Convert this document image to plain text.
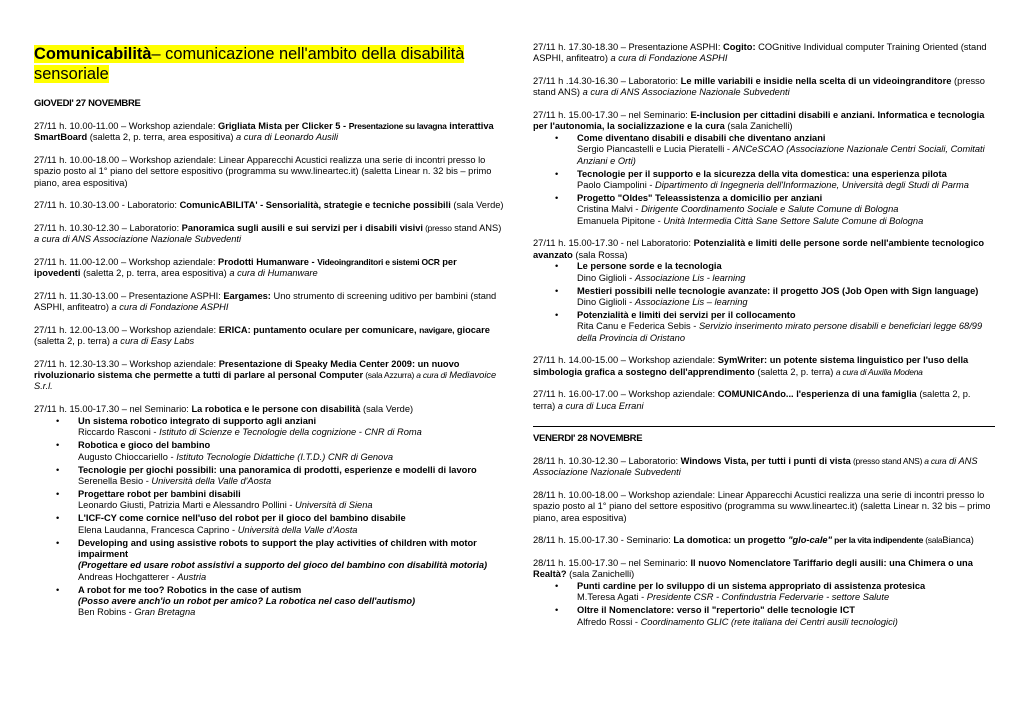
Comunicabilità– comunicazione nell'ambito della disabilità sensoriale

GIOVEDI' 27 NOVEMBRE

27/11 h. 10.00-11.00 – Workshop aziendale: Grigliata Mista per Clicker 5 - Presentazione su lavagna interattiva SmartBoard (saletta 2, p. terra, area espositiva) a cura di Leonardo Ausili

27/11 h. 10.00-18.00 – Workshop aziendale: Linear Apparecchi Acustici realizza una serie di incontri presso lo spazio posto al 1° piano del settore espositivo (programma su www.lineartec.it) (saletta Linear n. 32 bis – primo piano, area espositiva)

27/11 h. 10.30-13.00 - Laboratorio: ComunicABILITA' - Sensorialità, strategie e tecniche possibili (sala Verde)

27/11 h. 10.30-12.30 – Laboratorio: Panoramica sugli ausili e sui servizi per i disabili visivi (presso stand ANS) a cura di ANS Associazione Nazionale Subvedenti

27/11 h. 11.00-12.00 – Workshop aziendale: Prodotti Humanware - Videoingranditori e sistemi OCR per ipovedenti (saletta 2, p. terra, area espositiva) a cura di Humanware

27/11 h. 11.30-13.00 – Presentazione ASPHI: Eargames: Uno strumento di screening uditivo per bambini (stand ASPHI, anfiteatro) a cura di Fondazione ASPHI

27/11 h. 12.00-13.00 – Workshop aziendale: ERICA: puntamento oculare per comunicare, navigare, giocare (saletta 2, p. terra) a cura di Easy Labs

27/11 h. 12.30-13.30 – Workshop aziendale: Presentazione di Speaky Media Center 2009: un nuovo rivoluzionario sistema che permette a tutti di parlare al personal Computer (sala Azzurra) a cura di Mediavoice S.r.l.

27/11 h. 15.00-17.30 – nel Seminario: La robotica e le persone con disabilità (sala Verde)

• Un sistema robotico integrato di supporto agli anziani
Riccardo Rasconi - Istituto di Scienze e Tecnologie della cognizione - CNR di Roma
• Robotica e gioco del bambino
Augusto Chioccariello - Istituto Tecnologie Didattiche (I.T.D.) CNR di Genova
• Tecnologie per giochi possibili: una panoramica di prodotti, esperienze e modelli di lavoro
Serenella Besio - Università della Valle d'Aosta
• Progettare robot per bambini disabili
Leonardo Giusti, Patrizia Marti e Alessandro Pollini - Università di Siena
• L'ICF-CY come cornice nell'uso del robot per il gioco del bambino disabile
Elena Laudanna, Francesca Caprino - Università della Valle d'Aosta
• Developing and using assistive robots to support the play activities of children with motor impairment
(Progettare ed usare robot assistivi a supporto del gioco del bambino con disabilità motoria)
Andreas Hochgatterer - Austria
• A robot for me too? Robotics in the case of autism
(Posso avere anch'io un robot per amico? La robotica nel caso dell'autismo)
Ben Robins - Gran Bretagna

27/11 h. 17.30-18.30 – Presentazione ASPHI: Cogito: COGnitive Individual computer Training Oriented (stand ASPHI, anfiteatro) a cura di Fondazione ASPHI

27/11 h .14.30-16.30 – Laboratorio: Le mille variabili e insidie nella scelta di un videoingranditore (presso stand ANS) a cura di ANS Associazione Nazionale Subvedenti

27/11 h. 15.00-17.30 – nel Seminario: E-inclusion per cittadini disabili e anziani. Informatica e tecnologia per l'autonomia, la socializzazione e la cura (sala Zanichelli)

• Come diventano disabili e disabili che diventano anziani
Sergio Piancastelli e Lucia Pieratelli - ANCeSCAO (Associazione Nazionale Centri Sociali, Comitati Anziani e Orti)
• Tecnologie per il supporto e la sicurezza della vita domestica: una esperienza pilota
Paolo Ciampolini - Dipartimento di Ingegneria dell'Informazione, Università degli Studi di Parma
• Progetto "Oldes" Teleassistenza a domicilio per anziani
Cristina Malvi - Dirigente Coordinamento Sociale e Salute Comune di Bologna
Emanuela Pipitone - Unità Intermedia Città Sane Settore Salute Comune di Bologna

27/11 h. 15.00-17.30 - nel Laboratorio: Potenzialità e limiti delle persone sorde nell'ambiente tecnologico avanzato (sala Rossa)

• Le persone sorde e la tecnologia
Dino Giglioli - Associazione Lis - learning
• Mestieri possibili nelle tecnologie avanzate: il progetto JOS (Job Open with Sign language)
Dino Giglioli - Associazione Lis – learning
• Potenzialità e limiti dei servizi per il collocamento
Rita Canu e Federica Sebis - Servizio inserimento mirato persone disabili e beneficiari legge 68/99 della Provincia di Oristano

27/11 h. 14.00-15.00 – Workshop aziendale: SymWriter: un potente sistema linguistico per l'uso della simbologia grafica a sostegno dell'apprendimento (saletta 2, p. terra) a cura di Auxilia Modena

27/11 h. 16.00-17.00 – Workshop aziendale: COMUNICAndo... l'esperienza di una famiglia (saletta 2, p. terra) a cura di Luca Errani

VENERDI' 28 NOVEMBRE

28/11 h. 10.30-12.30 – Laboratorio: Windows Vista, per tutti i punti di vista (presso stand ANS) a cura di ANS Associazione Nazionale Subvedenti

28/11 h. 10.00-18.00 – Workshop aziendale: Linear Apparecchi Acustici realizza una serie di incontri presso lo spazio posto al 1° piano del settore espositivo (programma su www.lineartec.it) (saletta Linear n. 32 bis – primo piano, area espositiva)

28/11 h. 15.00-17.30 - Seminario: La domotica: un progetto "glo-cale" per la vita indipendente (salaBianca)

28/11 h. 15.00-17.30 – nel Seminario: Il nuovo Nomenclatore Tariffario degli ausili: una Chimera o una Realtà? (sala Zanichelli)

• Punti cardine per lo sviluppo di un sistema appropriato di assistenza protesica
M.Teresa Agati - Presidente CSR - Confindustria Federvarie - settore Salute
• Oltre il Nomenclatore: verso il "repertorio" delle tecnologie ICT
Alfredo Rossi - Coordinamento GLIC (rete italiana dei Centri ausili tecnologici)
